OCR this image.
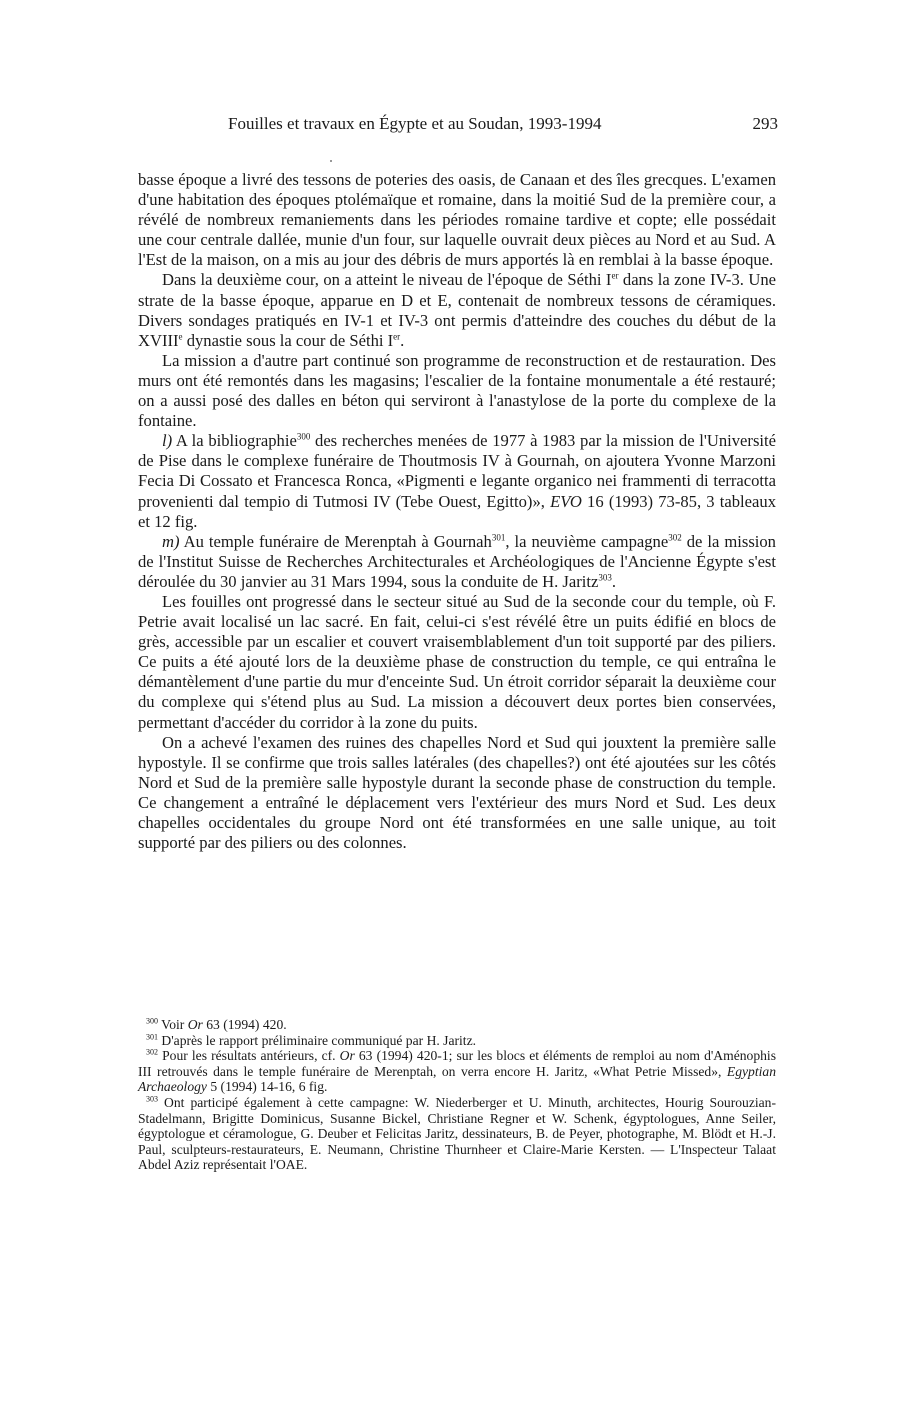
Fouilles et travaux en Égypte et au Soudan, 1993-1994	293

basse époque a livré des tessons de poteries des oasis, de Canaan et des îles grecques. L'examen d'une habitation des époques ptolémaïque et romaine, dans la moitié Sud de la première cour, a révélé de nombreux remaniements dans les périodes romaine tardive et copte; elle possédait une cour centrale dallée, munie d'un four, sur laquelle ouvrait deux pièces au Nord et au Sud. A l'Est de la maison, on a mis au jour des débris de murs apportés là en remblai à la basse époque.

Dans la deuxième cour, on a atteint le niveau de l'époque de Séthi Ier dans la zone IV-3. Une strate de la basse époque, apparue en D et E, contenait de nombreux tessons de céramiques. Divers sondages pratiqués en IV-1 et IV-3 ont permis d'atteindre des couches du début de la XVIIIe dynastie sous la cour de Séthi Ier.

La mission a d'autre part continué son programme de reconstruction et de restauration. Des murs ont été remontés dans les magasins; l'escalier de la fontaine monumentale a été restauré; on a aussi posé des dalles en béton qui serviront à l'anastylose de la porte du complexe de la fontaine.

l) A la bibliographie$^{300}$ des recherches menées de 1977 à 1983 par la mission de l'Université de Pise dans le complexe funéraire de Thoutmosis IV à Gournah, on ajoutera Yvonne Marzoni Fecia Di Cossato et Francesca Ronca, «Pigmenti e legante organico nei frammenti di terracotta provenienti dal tempio di Tutmosi IV (Tebe Ouest, Egitto)», EVO 16 (1993) 73-85, 3 tableaux et 12 fig.

m) Au temple funéraire de Merenptah à Gournah$^{301}$, la neuvième campagne$^{302}$ de la mission de l'Institut Suisse de Recherches Architecturales et Archéologiques de l'Ancienne Égypte s'est déroulée du 30 janvier au 31 Mars 1994, sous la conduite de H. Jaritz$^{303}$.

Les fouilles ont progressé dans le secteur situé au Sud de la seconde cour du temple, où F. Petrie avait localisé un lac sacré. En fait, celui-ci s'est révélé être un puits édifié en blocs de grès, accessible par un escalier et couvert vraisemblablement d'un toit supporté par des piliers. Ce puits a été ajouté lors de la deuxième phase de construction du temple, ce qui entraîna le démantèlement d'une partie du mur d'enceinte Sud. Un étroit corridor séparait la deuxième cour du complexe qui s'étend plus au Sud. La mission a découvert deux portes bien conservées, permettant d'accéder du corridor à la zone du puits.

On a achevé l'examen des ruines des chapelles Nord et Sud qui jouxtent la première salle hypostyle. Il se confirme que trois salles latérales (des chapelles?) ont été ajoutées sur les côtés Nord et Sud de la première salle hypostyle durant la seconde phase de construction du temple. Ce changement a entraîné le déplacement vers l'extérieur des murs Nord et Sud. Les deux chapelles occidentales du groupe Nord ont été transformées en une salle unique, au toit supporté par des piliers ou des colonnes.

$^{300}$ Voir Or 63 (1994) 420.

$^{301}$ D'après le rapport préliminaire communiqué par H. Jaritz.

$^{302}$ Pour les résultats antérieurs, cf. Or 63 (1994) 420-1; sur les blocs et éléments de remploi au nom d'Aménophis III retrouvés dans le temple funéraire de Merenptah, on verra encore H. Jaritz, «What Petrie Missed», Egyptian Archaeology 5 (1994) 14-16, 6 fig.

$^{303}$ Ont participé également à cette campagne: W. Niederberger et U. Minuth, architectes, Hourig Sourouzian-Stadelmann, Brigitte Dominicus, Susanne Bickel, Christiane Regner et W. Schenk, égyptologues, Anne Seiler, égyptologue et céramologue, G. Deuber et Felicitas Jaritz, dessinateurs, B. de Peyer, photographe, M. Blödt et H.-J. Paul, sculpteurs-restaurateurs, E. Neumann, Christine Thurnheer et Claire-Marie Kersten. — L'Inspecteur Talaat Abdel Aziz représentait l'OAE.
